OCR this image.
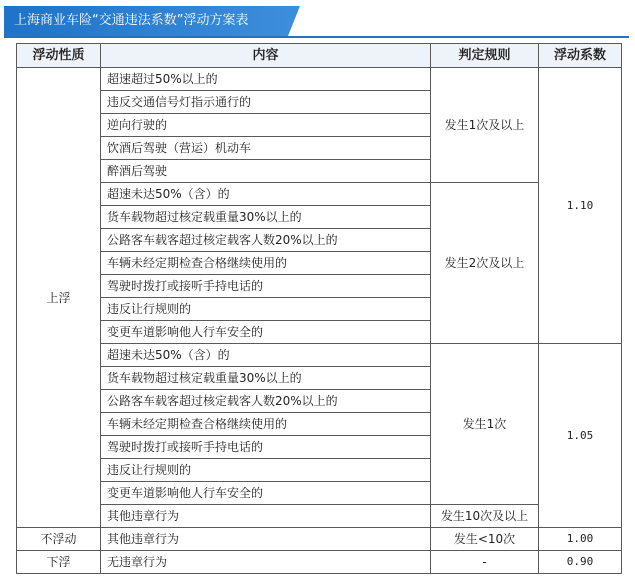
上海商业车险“交通违法系数”浮动方案表
浮动性质	内容	判定规则	浮动系数
上浮	超速超过50%以上的	发生1次及以上	1.10
	违反交通信号灯指示通行的		
	逆向行驶的		
	饮酒后驾驶（营运）机动车		
	醉酒后驾驶		
	超速未达50%（含）的	发生2次及以上	
	货车载物超过核定载重量30%以上的		
	公路客车载客超过核定载客人数20%以上的		
	车辆未经定期检查合格继续使用的		
	驾驶时拨打或接听手持电话的		
	违反让行规则的		
	变更车道影响他人行车安全的		
	超速未达50%（含）的	发生1次	1.05
	货车载物超过核定载重量30%以上的		
	公路客车载客超过核定载客人数20%以上的		
	车辆未经定期检查合格继续使用的		
	驾驶时拨打或接听手持电话的		
	违反让行规则的		
	变更车道影响他人行车安全的		
	其他违章行为	发生10次及以上	
不浮动	其他违章行为	发生<10次	1.00
下浮	无违章行为	-	0.90
